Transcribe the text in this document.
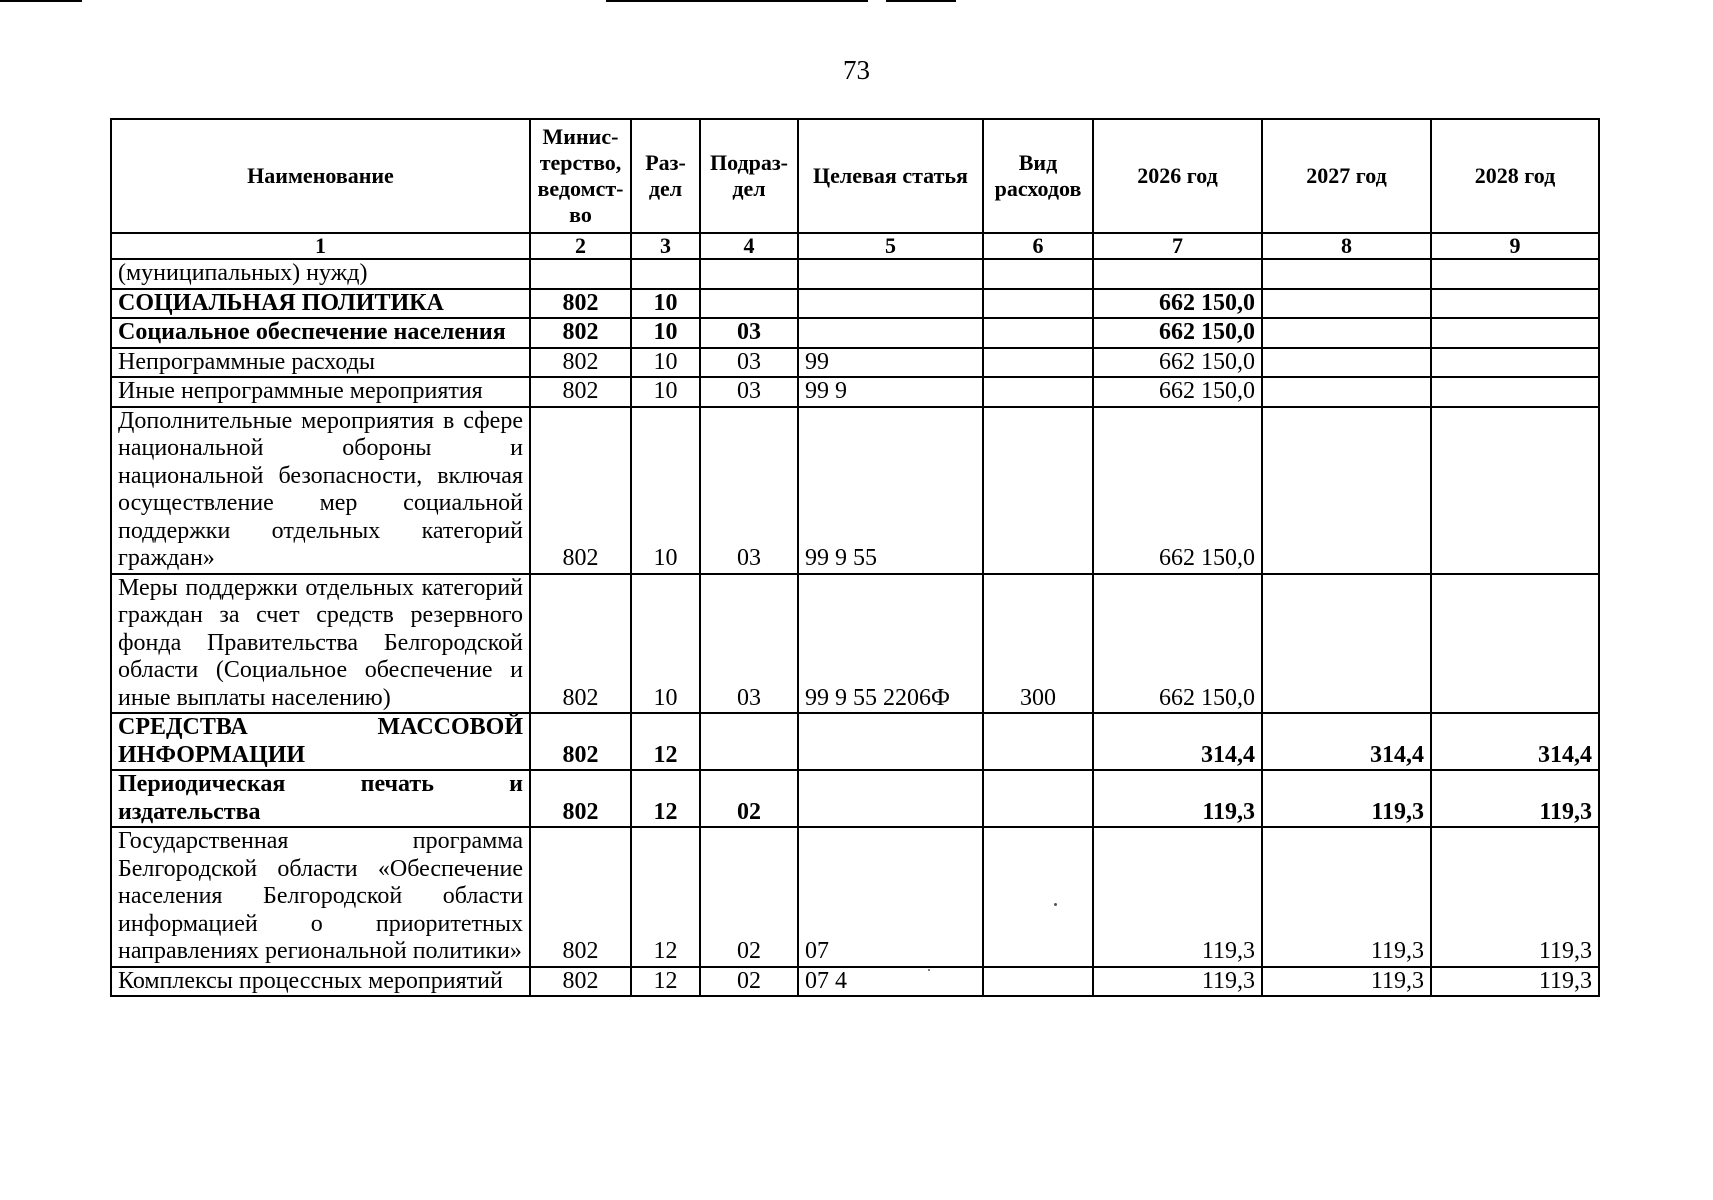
73
Наименование	Минис-терство, ведомст-во	Раз-дел	Подраз-дел	Целевая статья	Вид расходов	2026 год	2027 год	2028 год
1	2	3	4	5	6	7	8	9
(муниципальных) нужд)								
СОЦИАЛЬНАЯ ПОЛИТИКА	802	10				662 150,0		
Социальное обеспечение населения	802	10	03			662 150,0		
Непрограммные расходы	802	10	03	99		662 150,0		
Иные непрограммные мероприятия	802	10	03	99 9		662 150,0		
Дополнительные мероприятия в сфере национальной обороны и национальной безопасности, включая осуществление мер социальной поддержки отдельных категорий граждан»	802	10	03	99 9 55		662 150,0		
Меры поддержки отдельных категорий граждан за счет средств резервного фонда Правительства Белгородской области (Социальное обеспечение и иные выплаты населению)	802	10	03	99 9 55 2206Ф	300	662 150,0		
СРЕДСТВА МАССОВОЙ ИНФОРМАЦИИ	802	12				314,4	314,4	314,4
Периодическая печать и издательства	802	12	02			119,3	119,3	119,3
Государственная программа Белгородской области «Обеспечение населения Белгородской области информацией о приоритетных направлениях региональной политики»	802	12	02	07		119,3	119,3	119,3
Комплексы процессных мероприятий	802	12	02	07 4		119,3	119,3	119,3
